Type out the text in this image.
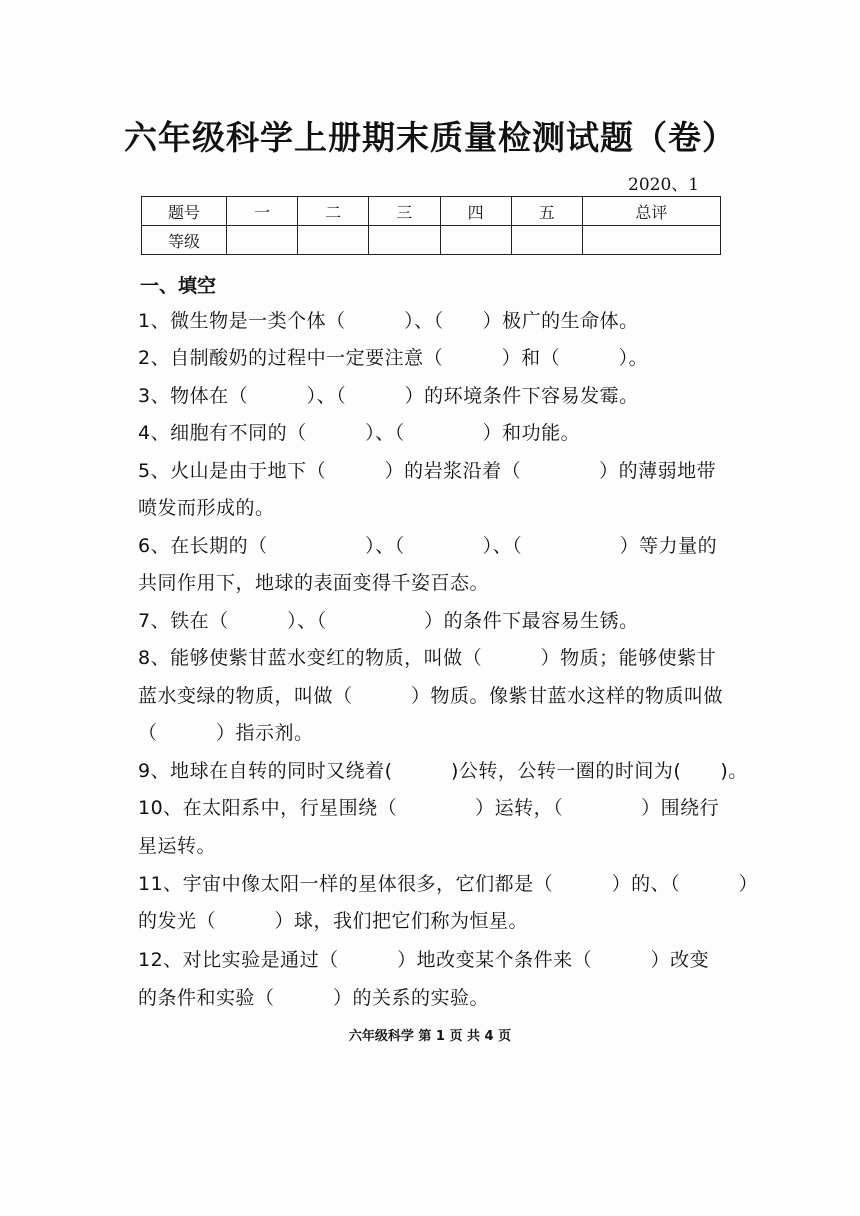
六年级科学上册期末质量检测试题（卷）
2020、1
题号	一	二	三	四	五	总评
等级						
一、填空
1、微生物是一类个体（　　　）、（　　）极广的生命体。
2、自制酸奶的过程中一定要注意（　　　）和（　　　）。
3、物体在（　　　）、（　　　）的环境条件下容易发霉。
4、细胞有不同的（　　　）、（　　　　）和功能。
5、火山是由于地下（　　　）的岩浆沿着（　　　　）的薄弱地带
喷发而形成的。
6、在长期的（　　　　　）、（　　　　）、（　　　　　）等力量的
共同作用下，地球的表面变得千姿百态。
7、铁在（　　　）、（　　　　　）的条件下最容易生锈。
8、能够使紫甘蓝水变红的物质，叫做（　　　）物质；能够使紫甘
蓝水变绿的物质，叫做（　　　）物质。像紫甘蓝水这样的物质叫做
（　　　）指示剂。
9、地球在自转的同时又绕着(　　　)公转，公转一圈的时间为(　　)。
10、在太阳系中，行星围绕（　　　　）运转，（　　　　）围绕行
星运转。
11、宇宙中像太阳一样的星体很多，它们都是（　　　）的、（　　　）
的发光（　　　）球，我们把它们称为恒星。
12、对比实验是通过（　　　）地改变某个条件来（　　　）改变
的条件和实验（　　　）的关系的实验。
六年级科学 第 1 页 共 4 页
